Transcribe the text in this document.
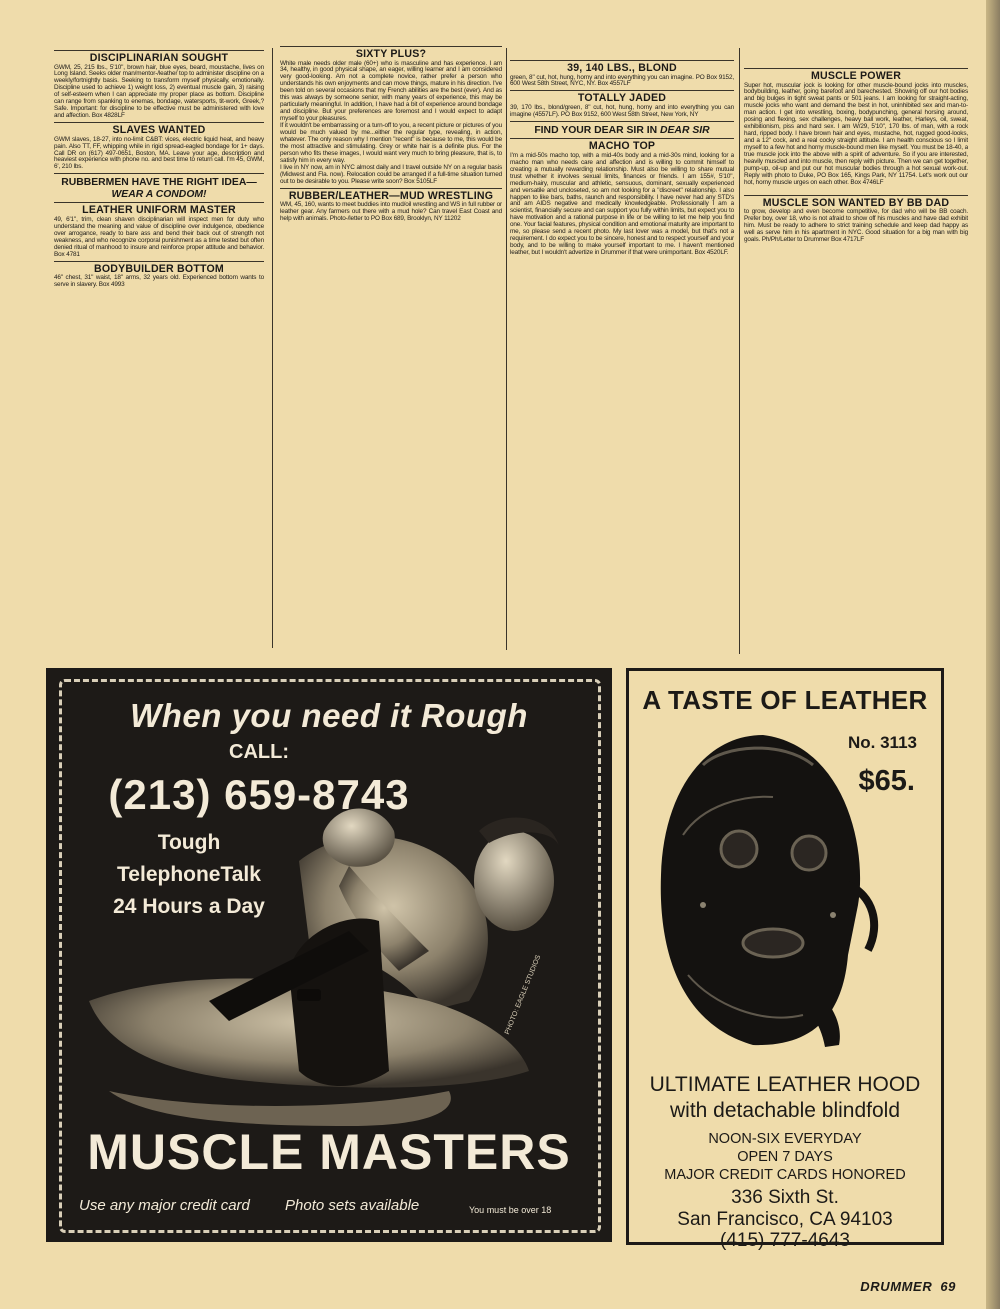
DISCIPLINARIAN SOUGHT

GWM, 25, 215 lbs., 5'10", brown hair, blue eyes, beard, moustache, lives on Long Island. Seeks older man/mentor-/leather top to administer discipline on a weekly/fortnightly basis. Seeking to transform myself physically, emotionally. Discipline used to achieve 1) weight loss, 2) eventual muscle gain, 3) raising of self-esteem when I can appreciate my proper place as bottom. Discipline can range from spanking to enemas, bondage, watersports, tit-work, Greek,? Safe. Important: for discipline to be effective must be administered with love and affection. Box 4828LF

SLAVES WANTED

GWM slaves, 18-27, into no-limit C&BT: vices, electric liquid heat, and heavy pain. Also TT, FF, whipping while in rigid spread-eagled bondage for 1+ days. Call DR on (617) 497-0651, Boston, MA. Leave your age, description and heaviest experience with phone no. and best time to return call. I'm 45, GWM, 6', 210 lbs.

RUBBERMEN HAVE THE RIGHT IDEA—WEAR A CONDOM!
LEATHER UNIFORM MASTER

49, 6'1", trim, clean shaven disciplinarian will inspect men for duty who understand the meaning and value of discipline over indulgence, obedience over arrogance, ready to bare ass and bend their back out of strength not weakness, and who recognize corporal punishment as a time tested but often denied ritual of manhood to insure and reinforce proper attitude and behavior. Box 4781

BODYBUILDER BOTTOM

46" chest, 31" waist, 18" arms, 32 years old. Experienced bottom wants to serve in slavery. Box 4993

SIXTY PLUS?

White male needs older male (60+) who is masculine and has experience. I am 34, healthy, in good physical shape, an eager, willing learner and I am considered very good-looking. Am not a complete novice, rather prefer a person who understands his own enjoyments and can move things, mature in his direction. I've been told on several occasions that my French abilities are the best (ever). And as this was always by someone senior, with many years of experience, this may be particularly meaningful. In addition, I have had a bit of experience around bondage and discipline. But your preferences are foremost and I would expect to adapt myself to your pleasures.

If it wouldn't be embarrassing or a turn-off to you, a recent picture or pictures of you would be much valued by me...either the regular type, revealing, in action, whatever. The only reason why I mention "recent" is because to me, this would be the most attractive and stimulating. Grey or white hair is a definite plus. For the person who fits these images, I would want very much to bring pleasure, that is, to satisfy him in every way.

I live in NY now, am in NYC almost daily and I travel outside NY on a regular basis (Midwest and Fla. now). Relocation could be arranged if a full-time situation turned out to be desirable to you. Please write soon? Box 5105LF

RUBBER/LEATHER—MUD WRESTLING

WM, 45, 160, wants to meet buddies into mud/oil wrestling and WS in full rubber or leather gear. Any farmers out there with a mud hole? Can travel East Coast and help with animals. Photo-/letter to PO Box 689, Brooklyn, NY 11202

39, 140 LBS., BLOND

green, 8" cut, hot, hung, horny and into everything you can imagine. PO Box 9152, 600 West 58th Street, NYC, NY. Box 4557LF

TOTALLY JADED

39, 170 lbs., blond/green, 8" cut, hot, hung, horny and into everything you can imagine (4557LF). PO Box 9152, 600 West 58th Street, New York, NY

FIND YOUR DEAR SIR IN DEAR SIR
MACHO TOP

I'm a mid-50s macho top, with a mid-40s body and a mid-30s mind, looking for a macho man who needs care and affection and is willing to commit himself to creating a mutually rewarding relationship. Must also be willing to share mutual trust whether it involves sexual limits, finances or friends. I am 155#, 5'10", medium-hairy, muscular and athletic, sensuous, dominant, sexually experienced and versatile and uncloseted, so am not looking for a "discreet" relationship. I also happen to like bars, baths, raunch and responsibility. I have never had any STD's and am AIDS negative and medically knowledgeable. Professionally I am a scientist, financially secure and can support you fully within limits, but expect you to have motivation and a rational purpose in life or be willing to let me help you find one. Your facial features, physical condition and emotional maturity are important to me, so please send a recent photo. My last lover was a model, but that's not a requirement. I do expect you to be sincere, honest and to respect yourself and your body, and to be willing to make yourself important to me. I haven't mentioned leather, but I wouldn't advertize in Drummer if that were unimportant. Box 4520LF.

MUSCLE POWER

Super hot, muscular jock is looking for other muscle-bound jocks into muscles, bodybuilding, leather, going barefoot and barechested. Showing off our hot bodies and big bulges in tight sweat pants or 501 jeans. I am looking for straight-acting, muscle jocks who want and demand the best in hot, uninhibited sex and man-to-man action. I get into wrestling, boxing, bodypunching, general horsing around, posing and flexing, sex challenges, heavy ball work, leather, Harleys, oil, sweat, exhibitionism, piss and hard sex. I am W/29, 5'10", 170 lbs. of man, with a rock hard, ripped body. I have brown hair and eyes, mustache, hot, rugged good-looks, and a 12" cock, and a real cocky straight attitude. I am health conscious so I limit myself to a few hot and horny muscle-bound men like myself. You must be 18-40, a true muscle jock into the above with a spirit of adventure. So if you are interested, heavily muscled and into muscle, then reply with picture. Then we can get together, pump-up, oil-up and put our hot muscular bodies through a hot sexual work-out. Reply with photo to Duke, PO Box 165, Kings Park, NY 11754. Let's work out our hot, horny muscle urges on each other. Box 4746LF

MUSCLE SON WANTED BY BB DAD

to grow, develop and even become competitive, for dad who will be BB coach. Prefer boy, over 18, who is not afraid to show off his muscles and have dad exhibit him. Must be ready to adhere to strict training schedule and keep dad happy as well as serve him in his apartment in NYC. Good situation for a big man with big goals. Ph/Ph/Letter to Drummer Box 4717LF

When you need it Rough
CALL:
(213) 659-8743
Tough
TelephoneTalk
24 Hours a Day
PHOTO: EAGLE STUDIOS
MUSCLE MASTERS
Use any major credit card Photo sets available	You must be over 18
A TASTE OF LEATHER
No. 3113
$65.
ULTIMATE LEATHER HOOD
with detachable blindfold
NOON-SIX EVERYDAY
OPEN 7 DAYS
MAJOR CREDIT CARDS HONORED
336 Sixth St.
San Francisco, CA 94103
(415) 777-4643
DRUMMER 69
